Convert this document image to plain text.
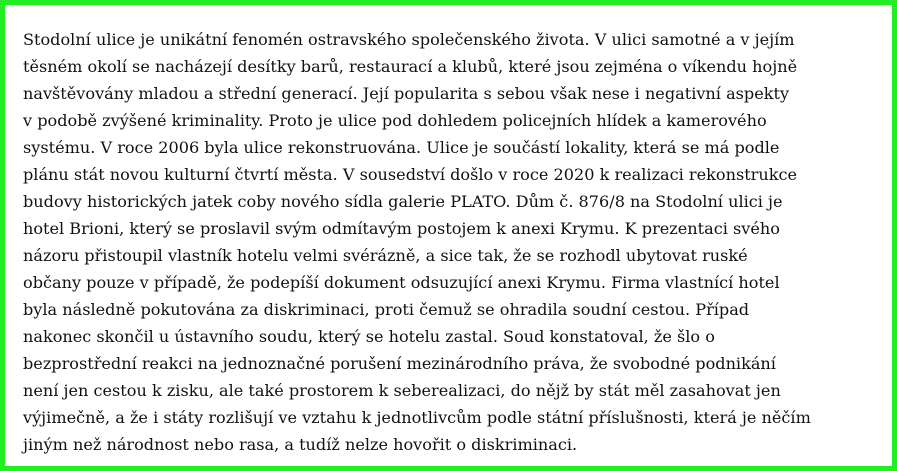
Stodolní ulice je unikátní fenomén ostravského společenského života. V ulici samotné a v jejím
těsném okolí se nacházejí desítky barů, restaurací a klubů, které jsou zejména o víkendu hojně
navštěvovány mladou a střední generací. Její popularita s sebou však nese i negativní aspekty
v podobě zvýšené kriminality. Proto je ulice pod dohledem policejních hlídek a kamerového
systému. V roce 2006 byla ulice rekonstruována. Ulice je součástí lokality, která se má podle
plánu stát novou kulturní čtvrtí města. V sousedství došlo v roce 2020 k realizaci rekonstrukce
budovy historických jatek coby nového sídla galerie PLATO. Dům č. 876/8 na Stodolní ulici je
hotel Brioni, který se proslavil svým odmítavým postojem k anexi Krymu. K prezentaci svého
názoru přistoupil vlastník hotelu velmi svérázně, a sice tak, že se rozhodl ubytovat ruské
občany pouze v případě, že podepíší dokument odsuzující anexi Krymu. Firma vlastnící hotel
byla následně pokutována za diskriminaci, proti čemuž se ohradila soudní cestou. Případ
nakonec skončil u ústavního soudu, který se hotelu zastal. Soud konstatoval, že šlo o
bezprostřední reakci na jednoznačné porušení mezinárodního práva, že svobodné podnikání
není jen cestou k zisku, ale také prostorem k seberealizaci, do nějž by stát měl zasahovat jen
výjimečně, a že i státy rozlišují ve vztahu k jednotlivcům podle státní příslušnosti, která je něčím
jiným než národnost nebo rasa, a tudíž nelze hovořit o diskriminaci.
